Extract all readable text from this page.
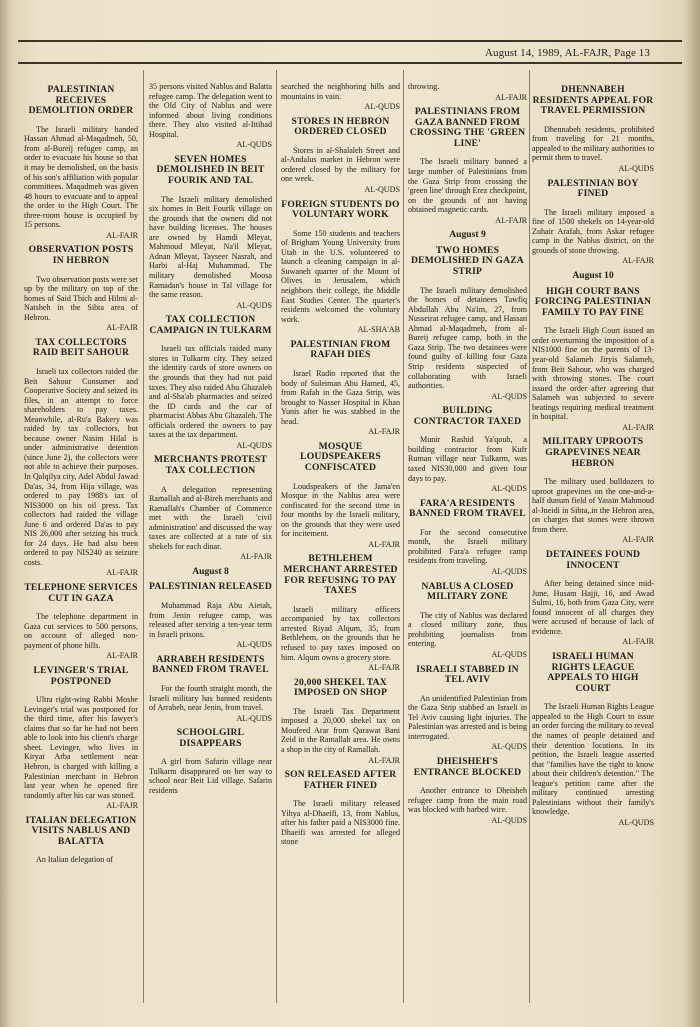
August 14, 1989, AL-FAJR, Page 13
PALESTINIAN RECEIVES DEMOLITION ORDER

The Israeli military handed Hassan Ahmad al-Maqadmeh, 50, from al-Bureij refugee camp, an order to evacuate his house so that it may be demolished, on the basis of his son's affiliation with popular committees. Maqadmeh was given 48 hours to evacuate and to appeal the order to the High Court. The three-room house is occupied by 15 persons.

AL-FAJR
OBSERVATION POSTS IN HEBRON

Two observation posts were set up by the military on top of the homes of Said Tbich and Hilmi al-Natsheh in the Sibta area of Hebron.

AL-FAJR
TAX COLLECTORS RAID BEIT SAHOUR

Israeli tax collectors raided the Beit Sahour Consumer and Cooperative Society and seized its files, in an attempt to force shareholders to pay taxes. Meanwhile, al-Ru'a Bakery was raided by tax collectors, but because owner Nasim Hilal is under administrative detention (since June 2), the collectors were not able to achieve their purposes. In Qalqilya city, Adel Abdul Jawad Da'as, 34, from Hija village, was ordered to pay 1988's tax of NIS3000 on his oil press. Tax collectors had raided the village June 6 and ordered Da'as to pay NIS 26,000 after seizing his truck for 24 days. He had also been ordered to pay NIS240 as seizure costs.

AL-FAJR
TELEPHONE SERVICES CUT IN GAZA

The telephone department in Gaza cut services to 500 persons, on account of alleged non-payment of phone bills.

AL-FAJR
LEVINGER'S TRIAL POSTPONED

Ultra right-wing Rabbi Moshe Levinger's trial was postponed for the third time, after his lawyer's claims that so far he had not been able to look into his client's charge sheet. Levinger, who lives in Kiryat Arba settlement near Hebron, is charged with killing a Palestinian merchant in Hebron last year when he opened fire randomly after his car was stoned.

AL-FAJR
ITALIAN DELEGATION VISITS NABLUS AND BALATTA

An Italian delegation of

35 persons visited Nablus and Balatta refugee camp. The delegation went to the Old City of Nablus and were informed about living conditions there. They also visited al-Ittihad Hospital.

AL-QUDS
SEVEN HOMES DEMOLISHED IN BEIT FOURIK AND TAL

The Israeli military demolished six homes in Beit Fourik village on the grounds that the owners did not have building licenses. The houses are owned by Hamdi Mleyat, Mahmoud Mleyat, Na'il Mleyat, Adnan Mleyat, Tayseer Nasrah, and Harbi al-Haj Muhammad. The military demolished Moosa Ramadan's house in Tal village for the same reason.

AL-QUDS
TAX COLLECTION CAMPAIGN IN TULKARM

Israeli tax officials raided many stores in Tulkarm city. They seized the identity cards of store owners on the grounds that they had not paid taxes. They also raided Abu Ghazaleh and al-Sha'ab pharmacies and seized the ID cards and the car of pharmacist Abbas Abu Ghazaleh. The officials ordered the owners to pay taxes at the tax department.

AL-QUDS
MERCHANTS PROTEST TAX COLLECTION

A delegation representing Ramallah and al-Bireh merchants and Ramallah's Chamber of Commerce met with the Israeli 'civil administration' and discussed the way taxes are collected at a rate of six shekels for each dinar.

AL-FAJR
August 8
PALESTINIAN RELEASED

Muhammad Raja Abu Aietah, from Jenin refugee camp, was released after serving a ten-year term in Israeli prisons.

AL-QUDS
ARRABEH RESIDENTS BANNED FROM TRAVEL

For the fourth straight month, the Israeli military has banned residents of Arrabeh, near Jenin, from travel.

AL-QUDS
SCHOOLGIRL DISAPPEARS

A girl from Safarin village near Tulkarm disappeared on her way to school near Beit Lid village. Safarin residents

searched the neighboring hills and mountains in vain.

AL-QUDS
STORES IN HEBRON ORDERED CLOSED

Stores in al-Shalaleh Street and al-Andalus market in Hebron were ordered closed by the military for one week.

AL-QUDS
FOREIGN STUDENTS DO VOLUNTARY WORK

Some 150 students and teachers of Brigham Young University from Utah in the U.S. volunteered to launch a cleaning campaign in al-Suwaneh quarter of the Mount of Olives in Jerusalem, which neighbors their college, the Middle East Studies Center. The quarter's residents welcomed the voluntary work.

AL-SHA'AB
PALESTINIAN FROM RAFAH DIES

Israel Radio reported that the body of Suleiman Abu Hamed, 45, from Rafah in the Gaza Strip, was brought to Nasser Hospital in Khan Yunis after he was stabbed in the head.

AL-FAJR
MOSQUE LOUDSPEAKERS CONFISCATED

Loudspeakers of the Jama'en Mosque in the Nablus area were confiscated for the second time in four months by the Israeli military, on the grounds that they were used for incitement.

AL-FAJR
BETHLEHEM MERCHANT ARRESTED FOR REFUSING TO PAY TAXES

Israeli military officers accompanied by tax collectors arrested Riyad Alqum, 35, from Bethlehem, on the grounds that he refused to pay taxes imposed on him. Alqum owns a grocery store.

AL-FAJR
20,000 SHEKEL TAX IMPOSED ON SHOP

The Israeli Tax Department imposed a 20,000 shekel tax on Moufeed Arar from Qarawat Bani Zeid in the Ramallah area. He owns a shop in the city of Ramallah.

AL-FAJR
SON RELEASED AFTER FATHER FINED

The Israeli military released Yihya al-Dhaeifi, 13, from Nablus, after his father paid a NIS3000 fine. Dhaeifi was arrested for alleged stone

throwing.

AL-FAJR
PALESTINIANS FROM GAZA BANNED FROM CROSSING THE 'GREEN LINE'

The Israeli military banned a large number of Palestinians from the Gaza Strip from crossing the 'green line' through Erez checkpoint, on the grounds of not having obtained magnetic cards.

AL-FAJR
August 9
TWO HOMES DEMOLISHED IN GAZA STRIP

The Israeli military demolished the homes of detainees Tawfiq Abdullah Abu Na'im, 27, from Nusseirat refugee camp, and Hassan Ahmad al-Maqadmeh, from al-Bureij refugee camp, both in the Gaza Strip. The two detainees were found guilty of killing four Gaza Strip residents suspected of collaborating with Israeli authorities.

AL-QUDS
BUILDING CONTRACTOR TAXED

Munir Rashid Ya'qoub, a building contractor from Kufr Ruman village near Tulkarm, was taxed NIS30,000 and given four days to pay.

AL-QUDS
FARA'A RESIDENTS BANNED FROM TRAVEL

For the second consecutive month, the Israeli military prohibited Fara'a refugee camp residents from traveling.

AL-QUDS
NABLUS A CLOSED MILITARY ZONE

The city of Nablus was declared a closed military zone, thus prohibiting journalists from entering.

AL-QUDS
ISRAELI STABBED IN TEL AVIV

An unidentified Palestinian from the Gaza Strip stabbed an Israeli in Tel Aviv causing light injuries. The Palestinian was arrested and is being interrogated.

AL-QUDS
DHEISHEH'S ENTRANCE BLOCKED

Another entrance to Dheisheh refugee camp from the main road was blocked with barbed wire.

AL-QUDS
DHENNABEH RESIDENTS APPEAL FOR TRAVEL PERMISSION

Dhennabeh residents, prohibited from traveling for 21 months, appealed to the military authorities to permit them to travel.

AL-QUDS
PALESTINIAN BOY FINED

The Israeli military imposed a fine of 1500 shekels on 14-year-old Zuhair Arafah, from Askar refugee camp in the Nablus district, on the grounds of stone throwing.

AL-FAJR
August 10
HIGH COURT BANS FORCING PALESTINIAN FAMILY TO PAY FINE

The Israeli High Court issued an order overturning the imposition of a NIS1000 fine on the parents of 13-year-old Salameh Jiryis Salameh, from Beit Sahour, who was charged with throwing stones. The court issued the order after agreeing that Salameh was subjected to severe beatings requiring medical treatment in hospital.

AL-FAJR
MILITARY UPROOTS GRAPEVINES NEAR HEBRON

The military used bulldozers to uproot grapevines on the one-and-a-half dunum field of Yassin Mahmoud al-Jneidi in Sibta,.in the Hebron area, on charges that stones were thrown from there.

AL-FAJR
DETAINEES FOUND INNOCENT

After being detained since mid-June, Husam Hajji, 16, and Awad Sulmi, 16, both from Gaza City, were found innocent of all charges they were accused of because of lack of evidence.

AL-FAJR
ISRAELI HUMAN RIGHTS LEAGUE APPEALS TO HIGH COURT

The Israeli Human Rights League appealed to the High Court to issue an order forcing the military to reveal the names of people detained and their detention locations. In its petition, the Israeli league asserted that "families have the right to know about their children's detention." The league's petition came after the military continued arresting Palestinians without their family's knowledge.

AL-QUDS
